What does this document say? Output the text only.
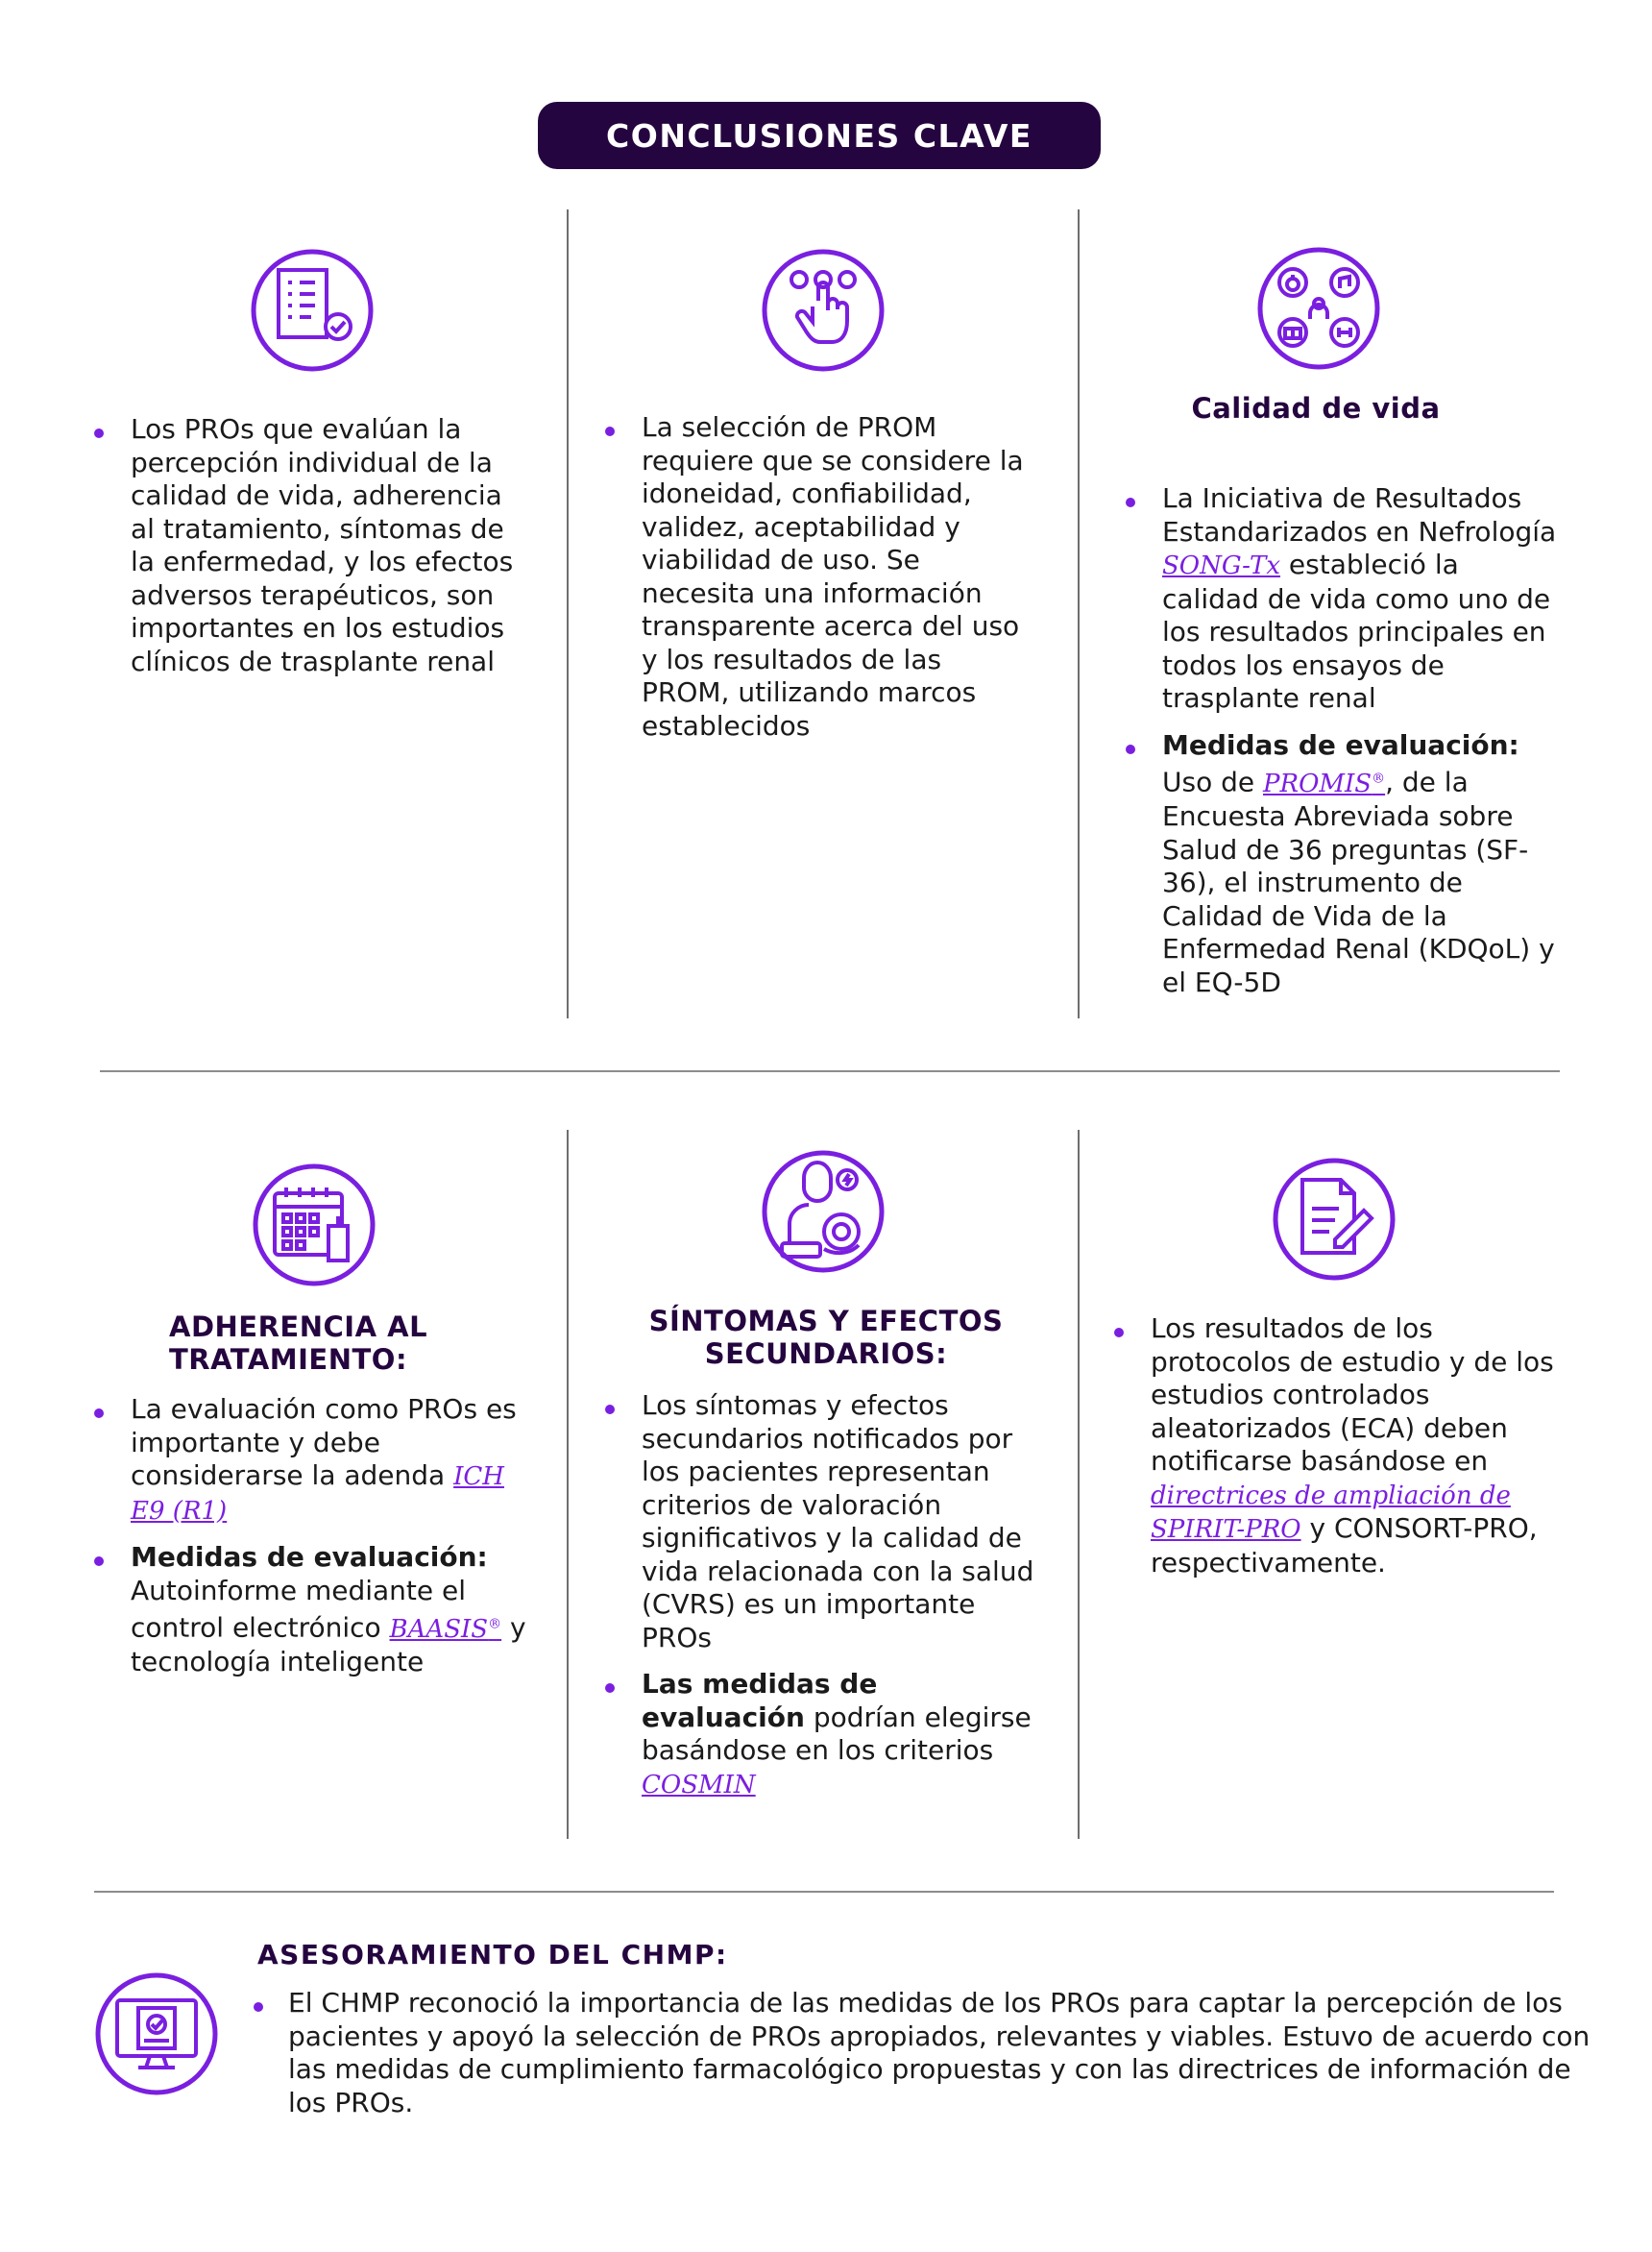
CONCLUSIONES CLAVE
Los PROs que evalúan la percepción individual de la calidad de vida, adherencia al tratamiento, síntomas de la enfermedad, y los efectos adversos terapéuticos, son importantes en los estudios clínicos de trasplante renal
La selección de PROM requiere que se considere la idoneidad, confiabilidad, validez, aceptabilidad y viabilidad de uso. Se necesita una información transparente acerca del uso y los resultados de las PROM, utilizando marcos establecidos
Calidad de vida
La Iniciativa de Resultados Estandarizados en Nefrología SONG-Tx estableció la calidad de vida como uno de los resultados principales en todos los ensayos de trasplante renal
Medidas de evaluación: Uso de PROMIS®, de la Encuesta Abreviada sobre Salud de 36 preguntas (SF-36), el instrumento de Calidad de Vida de la Enfermedad Renal (KDQoL) y el EQ-5D
ADHERENCIA AL TRATAMIENTO:
La evaluación como PROs es importante y debe considerarse la adenda ICH E9 (R1)
Medidas de evaluación: Autoinforme mediante el control electrónico BAASIS® y tecnología inteligente
SÍNTOMAS Y EFECTOS SECUNDARIOS:
Los síntomas y efectos secundarios notificados por los pacientes representan criterios de valoración significativos y la calidad de vida relacionada con la salud (CVRS) es un importante PROs
Las medidas de evaluación podrían elegirse basándose en los criterios COSMIN
Los resultados de los protocolos de estudio y de los estudios controlados aleatorizados (ECA) deben notificarse basándose en directrices de ampliación de SPIRIT-PRO y CONSORT-PRO, respectivamente.
ASESORAMIENTO DEL CHMP:
El CHMP reconoció la importancia de las medidas de los PROs para captar la percepción de los pacientes y apoyó la selección de PROs apropiados, relevantes y viables. Estuvo de acuerdo con las medidas de cumplimiento farmacológico propuestas y con las directrices de información de los PROs.
